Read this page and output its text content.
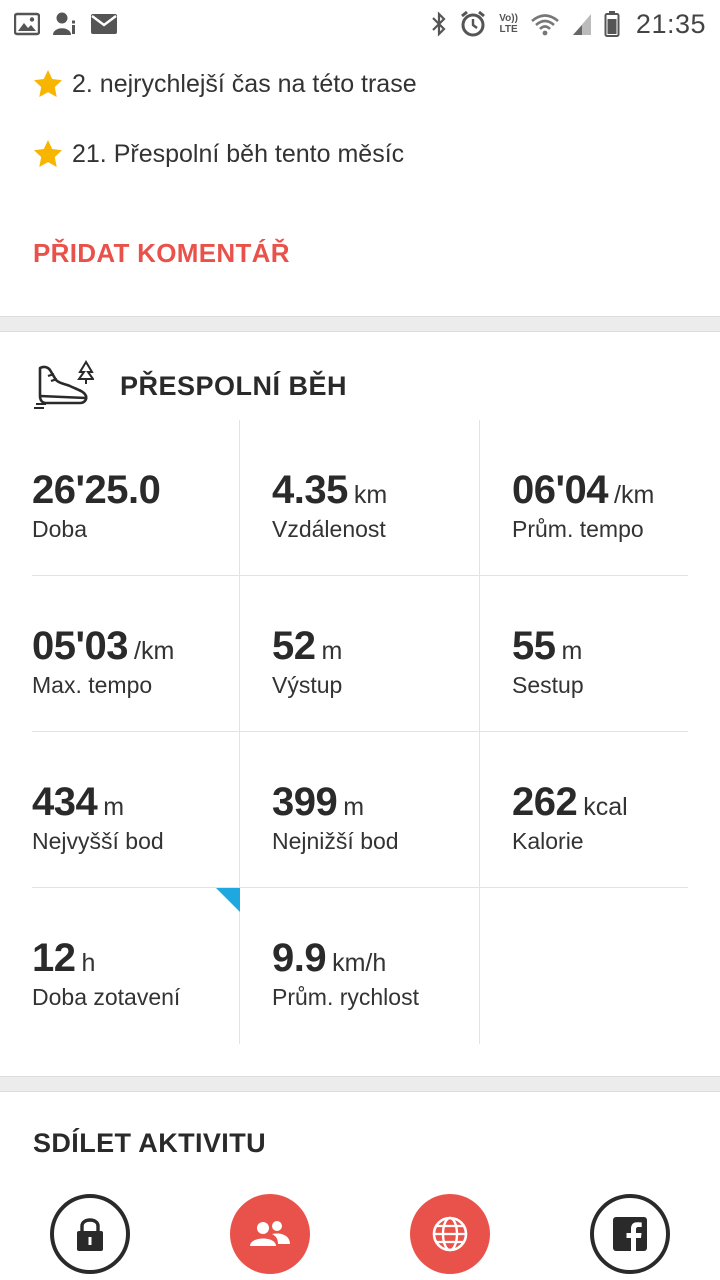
Vo))
LTE	21:35
2. nejrychlejší čas na této trase
21. Přespolní běh tento měsíc
PŘIDAT KOMENTÁŘ
PŘESPOLNÍ BĚH
26'25.0
Doba
4.35 km
Vzdálenost
06'04 /km
Prům. tempo
05'03 /km
Max. tempo
52 m
Výstup
55 m
Sestup
434 m
Nejvyšší bod
399 m
Nejnižší bod
262 kcal
Kalorie
12 h
Doba zotavení
9.9 km/h
Prům. rychlost
SDÍLET AKTIVITU
